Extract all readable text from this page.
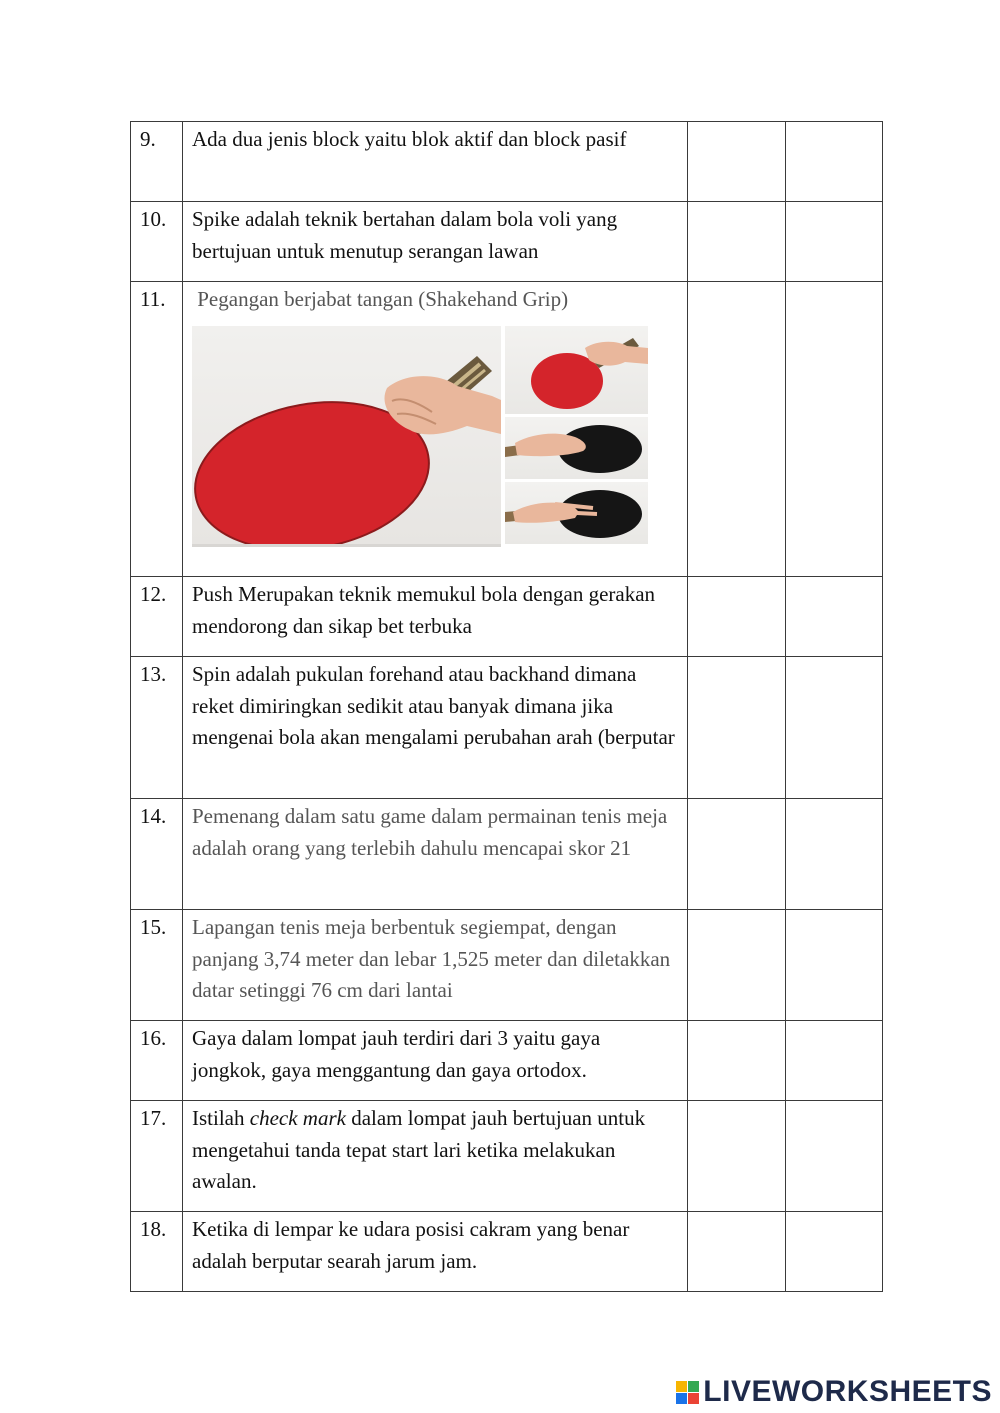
9.	Ada dua jenis block yaitu blok aktif dan block pasif		
10.	Spike adalah teknik bertahan dalam bola voli yang bertujuan untuk menutup serangan lawan		
11.	Pegangan berjabat tangan (Shakehand Grip)		

12.	Push Merupakan teknik memukul bola dengan gerakan mendorong dan sikap bet terbuka		
13.	Spin adalah pukulan forehand atau backhand dimana reket dimiringkan sedikit atau banyak dimana jika mengenai bola akan mengalami perubahan arah (berputar		
14.	Pemenang dalam satu game dalam permainan tenis meja adalah orang yang terlebih dahulu mencapai skor 21		
15.	Lapangan tenis meja berbentuk segiempat, dengan panjang 3,74 meter dan lebar 1,525 meter dan diletakkan datar setinggi 76 cm dari lantai		
16.	Gaya dalam lompat jauh terdiri dari 3 yaitu gaya jongkok, gaya menggantung dan gaya ortodox.		
17.	Istilah check mark dalam lompat jauh bertujuan untuk mengetahui tanda tepat start lari ketika melakukan awalan.		
18.	Ketika di lempar ke udara posisi cakram yang benar adalah berputar searah jarum jam.		
LIVEWORKSHEETS
